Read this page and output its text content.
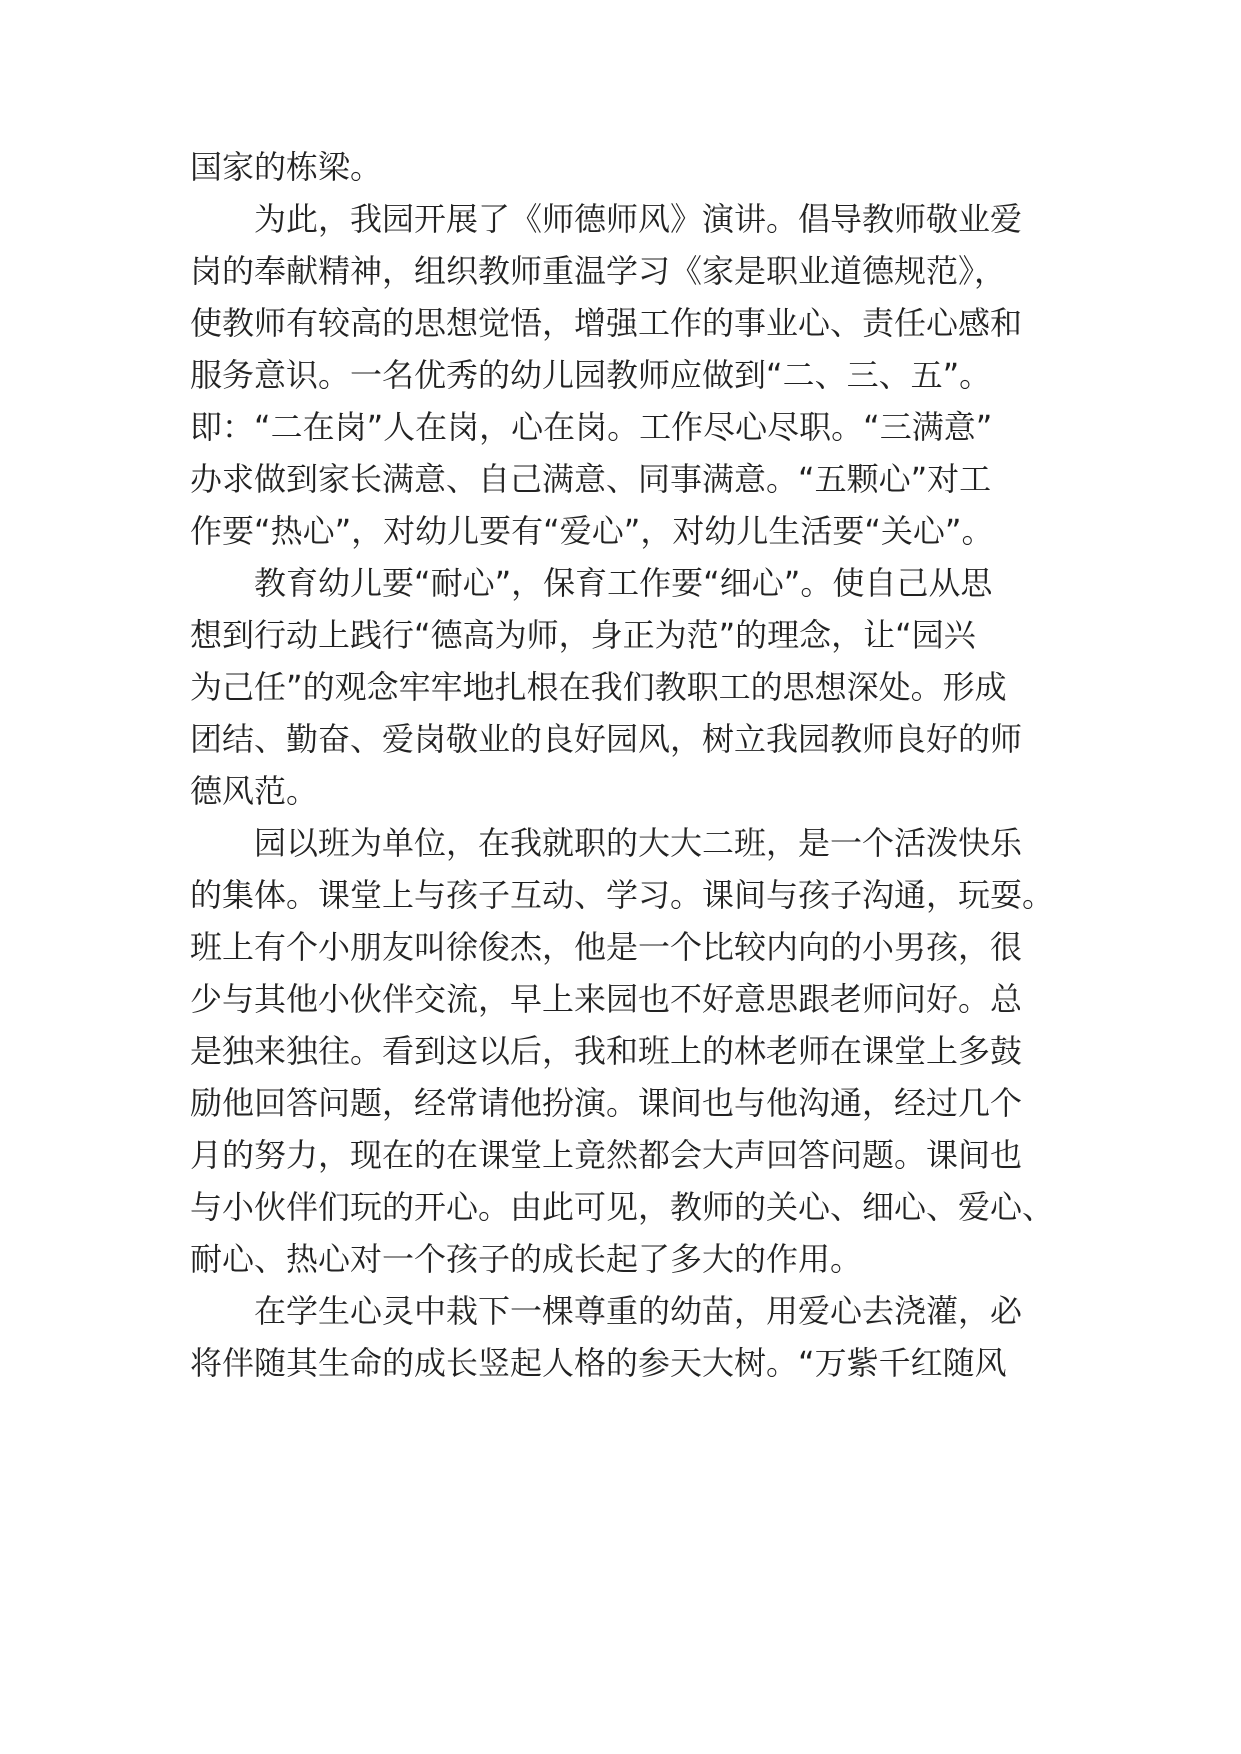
国家的栋梁。
为此，我园开展了《师德师风》演讲。倡导教师敬业爱
岗的奉献精神，组织教师重温学习《家是职业道德规范》，
使教师有较高的思想觉悟，增强工作的事业心、责任心感和
服务意识。一名优秀的幼儿园教师应做到“二、三、五”。
即：“二在岗”人在岗，心在岗。工作尽心尽职。“三满意”
办求做到家长满意、自己满意、同事满意。“五颗心”对工
作要“热心”，对幼儿要有“爱心”，对幼儿生活要“关心”。
教育幼儿要“耐心”，保育工作要“细心”。使自己从思
想到行动上践行“德高为师，身正为范”的理念，让“园兴
为己任”的观念牢牢地扎根在我们教职工的思想深处。形成
团结、勤奋、爱岗敬业的良好园风，树立我园教师良好的师
德风范。
园以班为单位，在我就职的大大二班，是一个活泼快乐
的集体。课堂上与孩子互动、学习。课间与孩子沟通，玩耍。
班上有个小朋友叫徐俊杰，他是一个比较内向的小男孩，很
少与其他小伙伴交流，早上来园也不好意思跟老师问好。总
是独来独往。看到这以后，我和班上的林老师在课堂上多鼓
励他回答问题，经常请他扮演。课间也与他沟通，经过几个
月的努力，现在的在课堂上竟然都会大声回答问题。课间也
与小伙伴们玩的开心。由此可见，教师的关心、细心、爱心、
耐心、热心对一个孩子的成长起了多大的作用。
在学生心灵中栽下一棵尊重的幼苗，用爱心去浇灌，必
将伴随其生命的成长竖起人格的参天大树。“万紫千红随风
